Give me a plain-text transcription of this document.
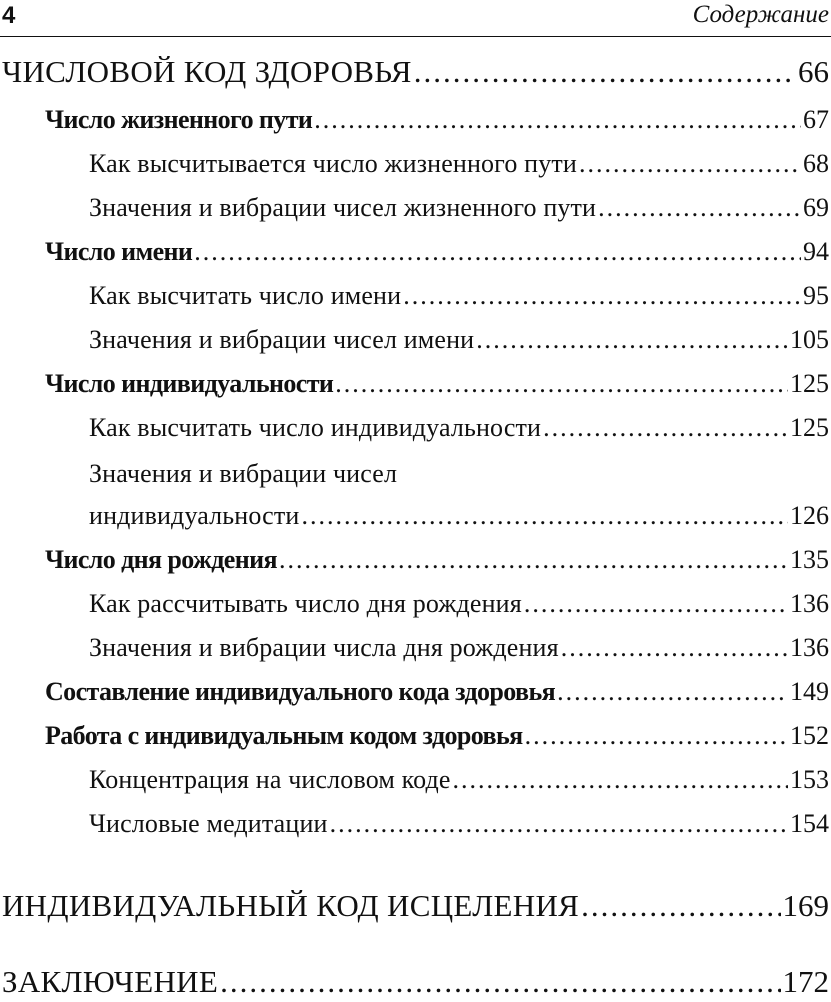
4	Содержание
ЧИСЛОВОЙ КОД ЗДОРОВЬЯ .....	66
Число жизненного пути .....	67
Как высчитывается число жизненного пути .....	68
Значения и вибрации чисел жизненного пути .....	69
Число имени .....	94
Как высчитать число имени .....	95
Значения и вибрации чисел имени .....	105
Число индивидуальности .....	125
Как высчитать число индивидуальности .....	125
Значения и вибрации чисел
индивидуальности .....	126
Число дня рождения .....	135
Как рассчитывать число дня рождения .....	136
Значения и вибрации числа дня рождения .....	136
Составление индивидуального кода здоровья .....	149
Работа с индивидуальным кодом здоровья .....	152
Концентрация на числовом коде .....	153
Числовые медитации .....	154
ИНДИВИДУАЛЬНЫЙ КОД ИСЦЕЛЕНИЯ .....	169
ЗАКЛЮЧЕНИЕ .....	172
